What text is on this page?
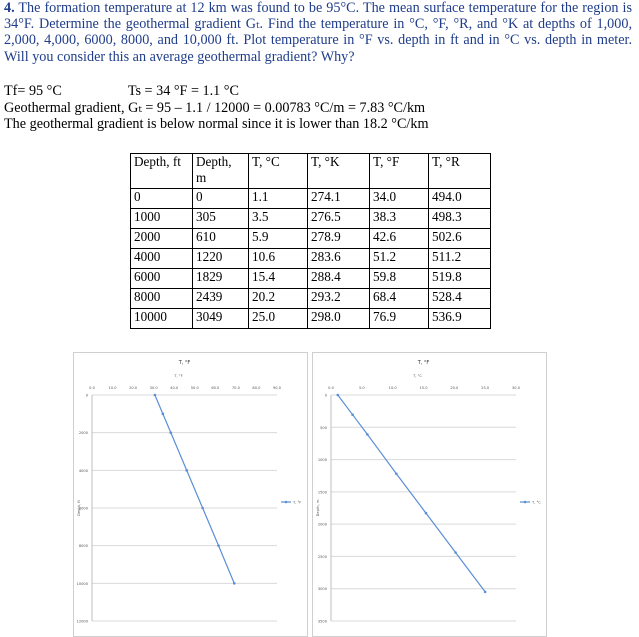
4. The formation temperature at 12 km was found to be 95°C. The mean surface temperature for the region is 34°F. Determine the geothermal gradient Gₜ. Find the temperature in °C, °F, °R, and °K at depths of 1,000, 2,000, 4,000, 6000, 8000, and 10,000 ft. Plot temperature in °F vs. depth in ft and in °C vs. depth in meter. Will you consider this an average geothermal gradient? Why?
Tf= 95 °C	Ts = 34 °F = 1.1 °C
Geothermal gradient, Gₜ = 95 – 1.1 / 12000 = 0.00783 °C/m = 7.83 °C/km
The geothermal gradient is below normal since it is lower than 18.2 °C/km
Depth, ft	Depth, m	T, °C	T, °K	T, °F	T, °R
0	0	1.1	274.1	34.0	494.0
1000	305	3.5	276.5	38.3	498.3
2000	610	5.9	278.9	42.6	502.6
4000	1220	10.6	283.6	51.2	511.2
6000	1829	15.4	288.4	59.8	519.8
8000	2439	20.2	293.2	68.4	528.4
10000	3049	25.0	298.0	76.9	536.9
0
2000
4000
6000
8000
10000
12000
0.0	10.0	20.0	30.0	40.0	50.0	60.0	70.0	80.0	90.0
T, °F
T, °F
Depth, ft	T, °F
0
500
1000
1500
2000
2500
3000
3500
0.0	5.0	10.0	15.0	20.0	25.0	30.0
T, °F
T, °C
Depth, m	T, °C
